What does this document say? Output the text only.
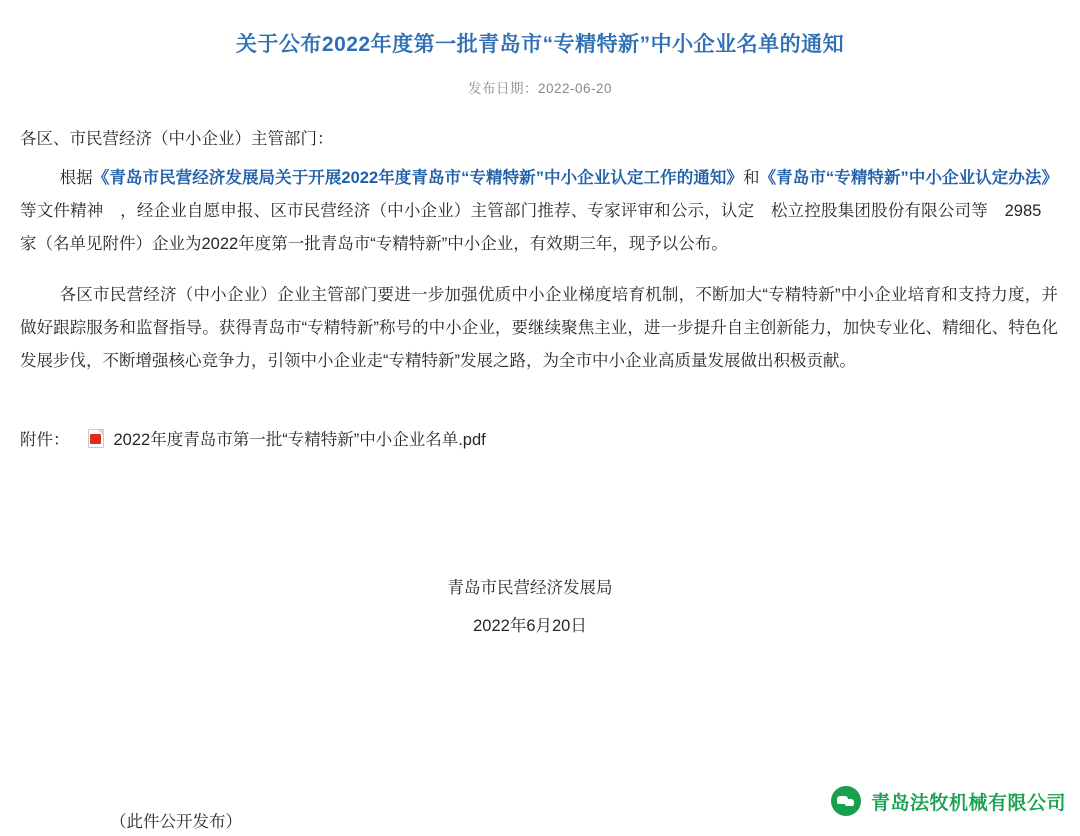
关于公布2022年度第一批青岛市“专精特新”中小企业名单的通知
发布日期：2022-06-20

各区、市民营经济（中小企业）主管部门：

根据《青岛市民营经济发展局关于开展2022年度青岛市“专精特新”中小企业认定工作的通知》和《青岛市“专精特新”中小企业认定办法》等文件精神　，经企业自愿申报、区市民营经济（中小企业）主管部门推荐、专家评审和公示，认定　松立控股集团股份有限公司等　2985　家（名单见附件）企业为2022年度第一批青岛市“专精特新”中小企业，有效期三年，现予以公布。

各区市民营经济（中小企业）企业主管部门要进一步加强优质中小企业梯度培育机制，不断加大“专精特新”中小企业培育和支持力度，并做好跟踪服务和监督指导。获得青岛市“专精特新”称号的中小企业，要继续聚焦主业，进一步提升自主创新能力，加快专业化、精细化、特色化发展步伐，不断增强核心竞争力，引领中小企业走“专精特新”发展之路，为全市中小企业高质量发展做出积极贡献。

附件：	2022年度青岛市第一批“专精特新”中小企业名单.pdf
青岛市民营经济发展局
2022年6月20日
（此件公开发布）
青岛法牧机械有限公司
